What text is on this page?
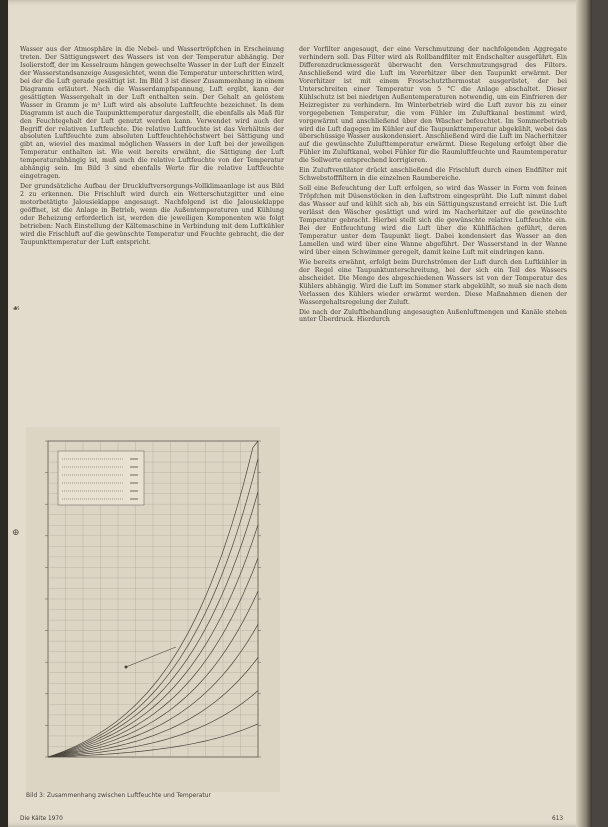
☙
⊕

Wasser aus der Atmosphäre in die Nebel- und Wassertröpfchen in Erscheinung treten. Der Sättigungswert des Wassers ist von der Temperatur abhängig. Der Isolierstoff, der im Kesselraum hängen gewechselte Wasser in der Luft der Einzelt der Wasserstandsanzeige Ausgesichtet, wenn die Temperatur unterschritten wird, bei der die Luft gerade gesättigt ist. Im Bild 3 ist dieser Zusammenhang in einem Diagramm erläutert. Nach die Wasserdampfspannung, Luft ergibt, kann der gesättigten Wassergehalt in der Luft enthalten sein. Der Gehalt an gelöstem Wasser in Gramm je m³ Luft wird als absolute Luftfeuchte bezeichnet. In dem Diagramm ist auch die Taupunkttemperatur dargestellt, die ebenfalls als Maß für den Feuchtegehalt der Luft genutzt werden kann. Verwendet wird auch der Begriff der relativen Luftfeuchte. Die relative Luftfeuchte ist das Verhältnis der absoluten Luftfeuchte zum absoluten Luftfeuchtehöchstwert bei Sättigung und gibt an, wieviel des maximal möglichen Wassers in der Luft bei der jeweiligen Temperatur enthalten ist. Wie weit bereits erwähnt, die Sättigung der Luft temperaturabhängig ist, muß auch die relative Luftfeuchte von der Temperatur abhängig sein. Im Bild 3 sind ebenfalls Werte für die relative Luftfeuchte eingetragen.

Der grundsätzliche Aufbau der Druckluftversorgungs-Vollklimaanlage ist aus Bild 2 zu erkennen. Die Frischluft wird durch ein Wetterschutzgitter und eine motorbetätigte Jalousieklappe angesaugt. Nachfolgend ist die Jalousieklappe geöffnet, ist die Anlage in Betrieb, wenn die Außentemperaturen und Kühlung oder Beheizung erforderlich ist, werden die jeweiligen Komponenten wie folgt betrieben: Nach Einstellung der Kältemaschine in Verbindung mit dem Luftkühler wird die Frischluft auf die gewünschte Temperatur und Feuchte gebracht, die der Taupunkttemperatur der Luft entspricht.

der Vorfilter angesaugt, der eine Verschmutzung der nachfolgenden Aggregate verhindern soll. Das Filter wird als Rollbandfilter mit Endschalter ausgeführt. Ein Differenzdruckmessgerät überwacht den Verschmutzungsgrad des Filters. Anschließend wird die Luft im Vorerhitzer über den Taupunkt erwärmt. Der Vorerhitzer ist mit einem Frostschutzthermostat ausgerüstet, der bei Unterschreiten einer Temperatur von 5 °C die Anlage abschaltet. Dieser Kühlschutz ist bei niedrigen Außentemperaturen notwendig, um ein Einfrieren der Heizregister zu verhindern. Im Winterbetrieb wird die Luft zuvor bis zu einer vorgegebenen Temperatur, die vom Fühler im Zuluftkanal bestimmt wird, vorgewärmt und anschließend über den Wäscher befeuchtet. Im Sommerbetrieb wird die Luft dagegen im Kühler auf die Taupunkttemperatur abgekühlt, wobei das überschüssige Wasser auskondensiert. Anschließend wird die Luft im Nacherhitzer auf die gewünschte Zulufttemperatur erwärmt. Diese Regelung erfolgt über die Fühler im Zuluftkanal, wobei Fühler für die Raumluftfeuchte und Raumtemperatur die Sollwerte entsprechend korrigieren.

Ein Zuluftventilator drückt anschließend die Frischluft durch einen Endfilter mit Schwebstofffiltern in die einzelnen Raumbereiche.

Soll eine Befeuchtung der Luft erfolgen, so wird das Wasser in Form von feinen Tröpfchen mit Düsenstöcken in den Luftstrom eingesprüht. Die Luft nimmt dabei das Wasser auf und kühlt sich ab, bis ein Sättigungszustand erreicht ist. Die Luft verlässt den Wäscher gesättigt und wird im Nacherhitzer auf die gewünschte Temperatur gebracht. Hierbei stellt sich die gewünschte relative Luftfeuchte ein. Bei der Entfeuchtung wird die Luft über die Kühlflächen geführt, deren Temperatur unter dem Taupunkt liegt. Dabei kondensiert das Wasser an den Lamellen und wird über eine Wanne abgeführt. Der Wasserstand in der Wanne wird über einen Schwimmer geregelt, damit keine Luft mit eindringen kann.

Wie bereits erwähnt, erfolgt beim Durchströmen der Luft durch den Luftkühler in der Regel eine Taupunktunterschreitung, bei der sich ein Teil des Wassers abscheidet. Die Menge des abgeschiedenen Wassers ist von der Temperatur des Kühlers abhängig. Wird die Luft im Sommer stark abgekühlt, so muß sie nach dem Verlassen des Kühlers wieder erwärmt werden. Diese Maßnahmen dienen der Wassergehaltsregelung der Zuluft.

Die nach der Zuluftbehandlung angesaugten Außenluftmengen und Kanäle stehen unter Überdruck. Hierdurch

Bild 3: Zusammenhang zwischen Luftfeuchte und Temperatur
Die Kälte 1970	613
